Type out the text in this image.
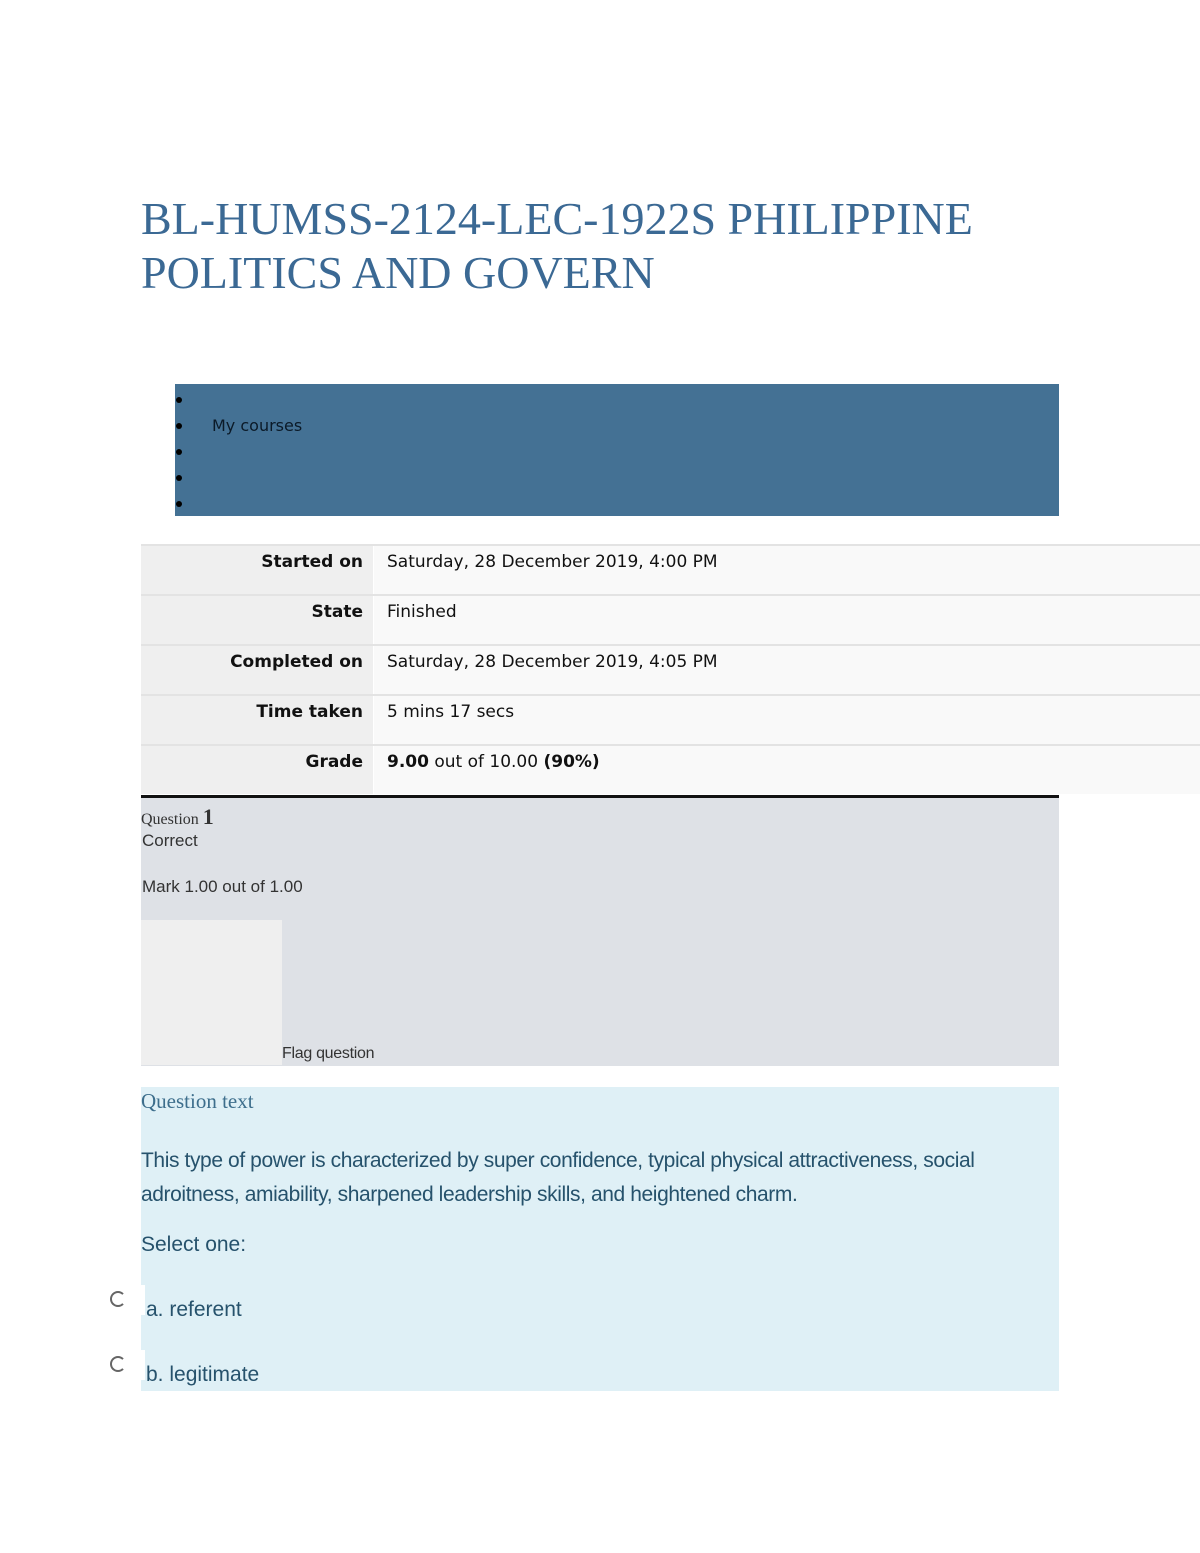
BL-HUMSS-2124-LEC-1922S PHILIPPINE POLITICS AND GOVERN
My courses
Started on	Saturday, 28 December 2019, 4:00 PM
State	Finished
Completed on	Saturday, 28 December 2019, 4:05 PM
Time taken	5 mins 17 secs
Grade	9.00 out of 10.00 (90%)
Question 1
Correct
Mark 1.00 out of 1.00
Flag question
Question text

This type of power is characterized by super confidence, typical physical attractiveness, social adroitness, amiability, sharpened leadership skills, and heightened charm.

Select one:
a. referent
b. legitimate
